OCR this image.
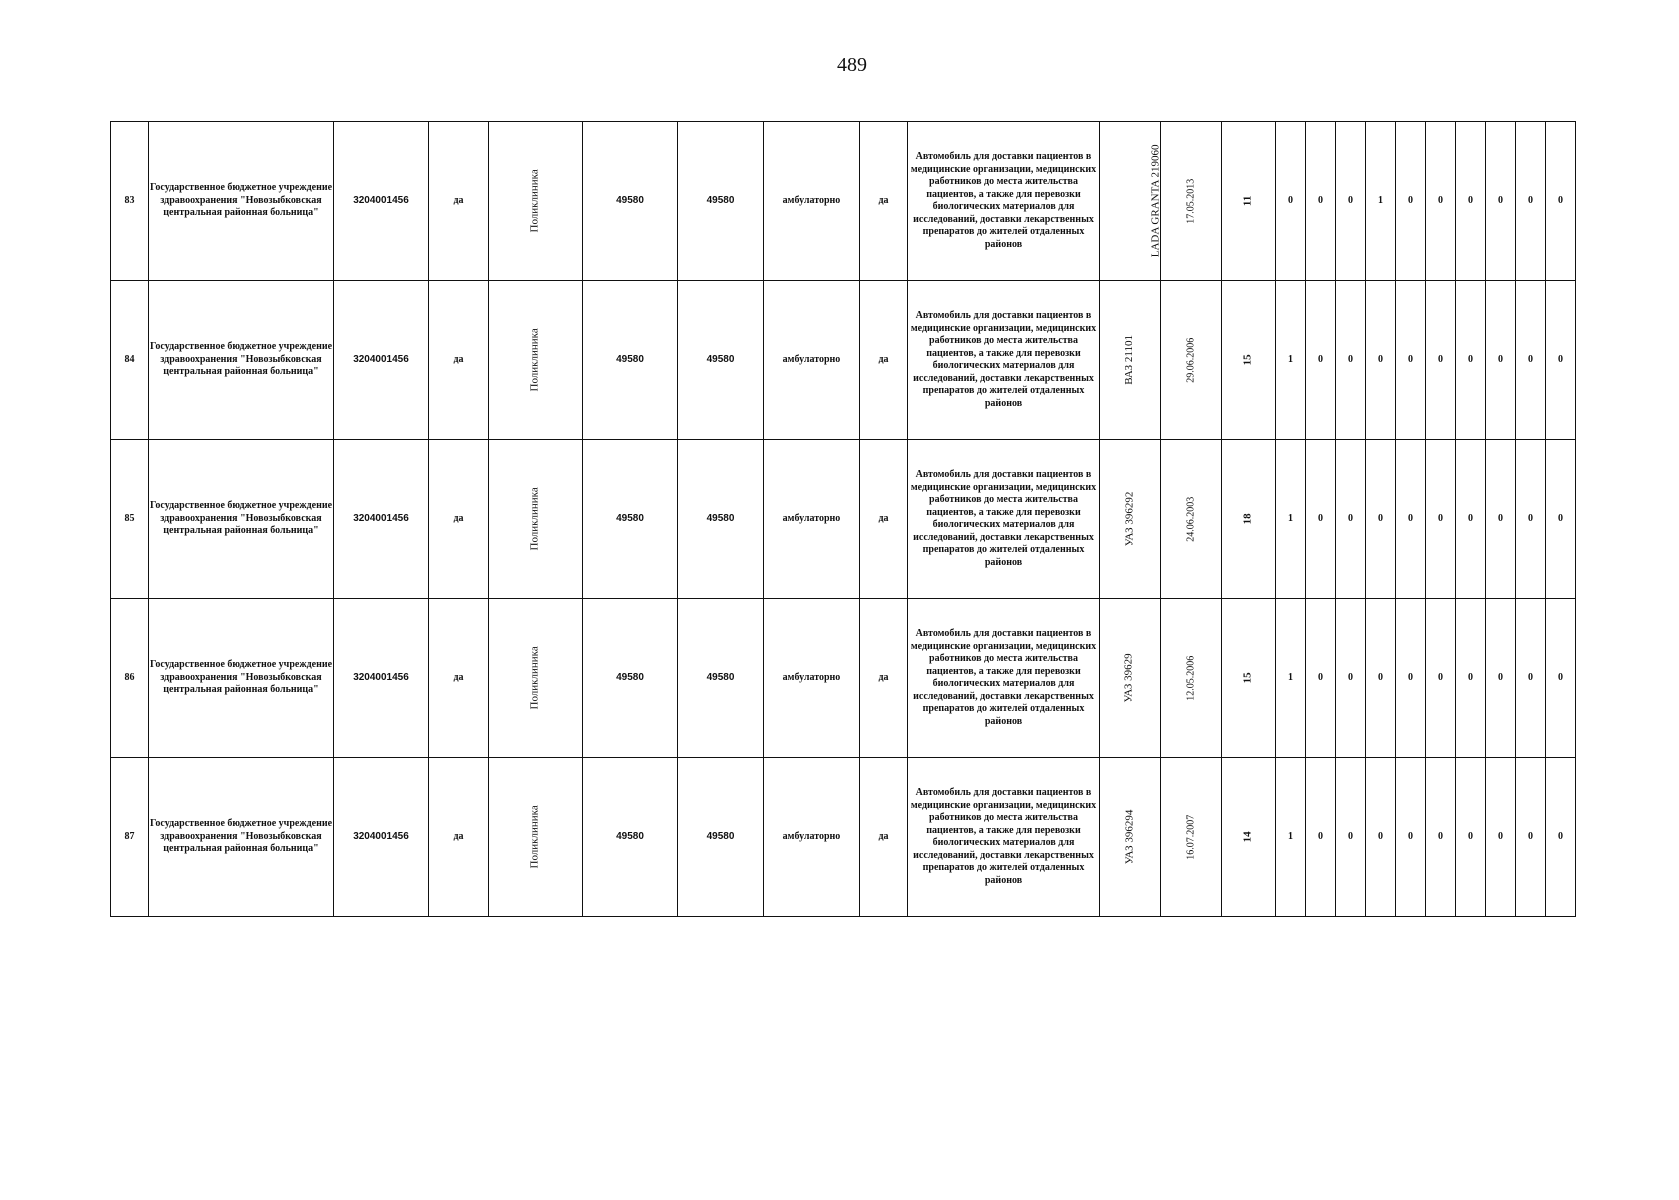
489
83	Государственное бюджетное учреждение здравоохранения "Новозыбковская центральная районная больница"	3204001456	да	Поликлиника	49580	49580	амбулаторно	да	Автомобиль для доставки пациентов в медицинские организации, медицинских работников до места жительства пациентов, а также для перевозки биологических материалов для исследований, доставки лекарственных препаратов до жителей отдаленных районов	LADA GRANTA 219060	17.05.2013	11	0	0	0	1	0	0	0	0	0	0
84	Государственное бюджетное учреждение здравоохранения "Новозыбковская центральная районная больница"	3204001456	да	Поликлиника	49580	49580	амбулаторно	да	Автомобиль для доставки пациентов в медицинские организации, медицинских работников до места жительства пациентов, а также для перевозки биологических материалов для исследований, доставки лекарственных препаратов до жителей отдаленных районов	ВАЗ 21101	29.06.2006	15	1	0	0	0	0	0	0	0	0	0
85	Государственное бюджетное учреждение здравоохранения "Новозыбковская центральная районная больница"	3204001456	да	Поликлиника	49580	49580	амбулаторно	да	Автомобиль для доставки пациентов в медицинские организации, медицинских работников до места жительства пациентов, а также для перевозки биологических материалов для исследований, доставки лекарственных препаратов до жителей отдаленных районов	УАЗ 396292	24.06.2003	18	1	0	0	0	0	0	0	0	0	0
86	Государственное бюджетное учреждение здравоохранения "Новозыбковская центральная районная больница"	3204001456	да	Поликлиника	49580	49580	амбулаторно	да	Автомобиль для доставки пациентов в медицинские организации, медицинских работников до места жительства пациентов, а также для перевозки биологических материалов для исследований, доставки лекарственных препаратов до жителей отдаленных районов	УАЗ 39629	12.05.2006	15	1	0	0	0	0	0	0	0	0	0
87	Государственное бюджетное учреждение здравоохранения "Новозыбковская центральная районная больница"	3204001456	да	Поликлиника	49580	49580	амбулаторно	да	Автомобиль для доставки пациентов в медицинские организации, медицинских работников до места жительства пациентов, а также для перевозки биологических материалов для исследований, доставки лекарственных препаратов до жителей отдаленных районов	УАЗ 396294	16.07.2007	14	1	0	0	0	0	0	0	0	0	0
